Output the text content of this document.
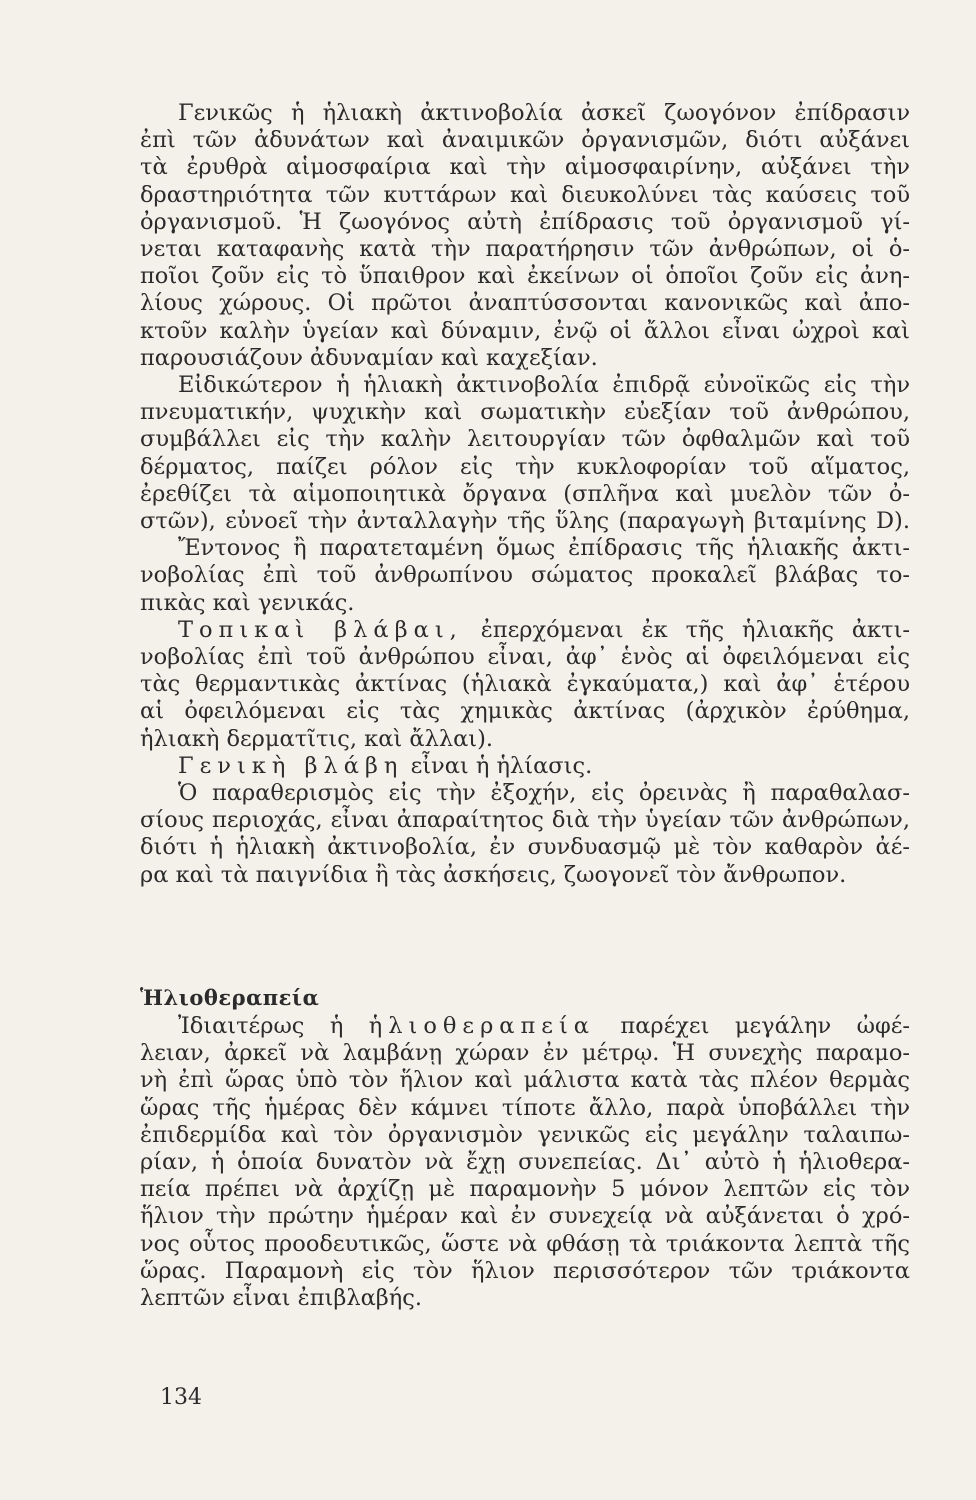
Γενικῶς ἡ ἡλιακὴ ἀκτινοβολία ἀσκεῖ ζωογόνον ἐπίδρασιν
ἐπὶ τῶν ἀδυνάτων καὶ ἀναιμικῶν ὀργανισμῶν, διότι αὐξάνει
τὰ ἐρυθρὰ αἱμοσφαίρια καὶ τὴν αἱμοσφαιρίνην, αὐξάνει τὴν
δραστηριότητα τῶν κυττάρων καὶ διευκολύνει τὰς καύσεις τοῦ
ὀργανισμοῦ. Ἡ ζωογόνος αὐτὴ ἐπίδρασις τοῦ ὀργανισμοῦ γί-
νεται καταφανὴς κατὰ τὴν παρατήρησιν τῶν ἀνθρώπων, οἱ ὁ-
ποῖοι ζοῦν εἰς τὸ ὕπαιθρον καὶ ἐκείνων οἱ ὁποῖοι ζοῦν εἰς ἀνη-
λίους χώρους. Οἱ πρῶτοι ἀναπτύσσονται κανονικῶς καὶ ἀπο-
κτοῦν καλὴν ὑγείαν καὶ δύναμιν, ἐνῷ οἱ ἄλλοι εἶναι ὠχροὶ καὶ
παρουσιάζουν ἀδυναμίαν καὶ καχεξίαν.
Εἰδικώτερον ἡ ἡλιακὴ ἀκτινοβολία ἐπιδρᾷ εὐνοϊκῶς εἰς τὴν
πνευματικήν, ψυχικὴν καὶ σωματικὴν εὐεξίαν τοῦ ἀνθρώπου,
συμβάλλει εἰς τὴν καλὴν λειτουργίαν τῶν ὀφθαλμῶν καὶ τοῦ
δέρματος, παίζει ρόλον εἰς τὴν κυκλοφορίαν τοῦ αἵματος,
ἐρεθίζει τὰ αἱμοποιητικὰ ὄργανα (σπλῆνα καὶ μυελὸν τῶν ὀ-
στῶν), εὐνοεῖ τὴν ἀνταλλαγὴν τῆς ὕλης (παραγωγὴ βιταμίνης D).
Ἔντονος ἢ παρατεταμένη ὅμως ἐπίδρασις τῆς ἡλιακῆς ἀκτι-
νοβολίας ἐπὶ τοῦ ἀνθρωπίνου σώματος προκαλεῖ βλάβας το-
πικὰς καὶ γενικάς.
Τοπικαὶ βλάβαι, ἐπερχόμεναι ἐκ τῆς ἡλιακῆς ἀκτι-
νοβολίας ἐπὶ τοῦ ἀνθρώπου εἶναι, ἀφ᾽ ἑνὸς αἱ ὀφειλόμεναι εἰς
τὰς θερμαντικὰς ἀκτίνας (ἡλιακὰ ἐγκαύματα,) καὶ ἀφ᾽ ἑτέρου
αἱ ὀφειλόμεναι εἰς τὰς χημικὰς ἀκτίνας (ἀρχικὸν ἐρύθημα,
ἡλιακὴ δερματῖτις, καὶ ἄλλαι).
Γενικὴ βλάβη εἶναι ἡ ἡλίασις.
Ὁ παραθερισμὸς εἰς τὴν ἐξοχήν, εἰς ὀρεινὰς ἢ παραθαλασ-
σίους περιοχάς, εἶναι ἀπαραίτητος διὰ τὴν ὑγείαν τῶν ἀνθρώπων,
διότι ἡ ἡλιακὴ ἀκτινοβολία, ἐν συνδυασμῷ μὲ τὸν καθαρὸν ἀέ-
ρα καὶ τὰ παιγνίδια ἢ τὰς ἀσκήσεις, ζωογονεῖ τὸν ἄνθρωπον.
Ἡλιοθεραπεία
Ἰδιαιτέρως ἡ ἡλιοθεραπεία παρέχει μεγάλην ὠφέ-
λειαν, ἀρκεῖ νὰ λαμβάνῃ χώραν ἐν μέτρῳ. Ἡ συνεχὴς παραμο-
νὴ ἐπὶ ὥρας ὑπὸ τὸν ἥλιον καὶ μάλιστα κατὰ τὰς πλέον θερμὰς
ὥρας τῆς ἡμέρας δὲν κάμνει τίποτε ἄλλο, παρὰ ὑποβάλλει τὴν
ἐπιδερμίδα καὶ τὸν ὀργανισμὸν γενικῶς εἰς μεγάλην ταλαιπω-
ρίαν, ἡ ὁποία δυνατὸν νὰ ἔχῃ συνεπείας. Δι᾽ αὐτὸ ἡ ἡλιοθερα-
πεία πρέπει νὰ ἀρχίζῃ μὲ παραμονὴν 5 μόνον λεπτῶν εἰς τὸν
ἥλιον τὴν πρώτην ἡμέραν καὶ ἐν συνεχείᾳ νὰ αὐξάνεται ὁ χρό-
νος οὗτος προοδευτικῶς, ὥστε νὰ φθάσῃ τὰ τριάκοντα λεπτὰ τῆς
ὥρας. Παραμονὴ εἰς τὸν ἥλιον περισσότερον τῶν τριάκοντα
λεπτῶν εἶναι ἐπιβλαβής.
134
